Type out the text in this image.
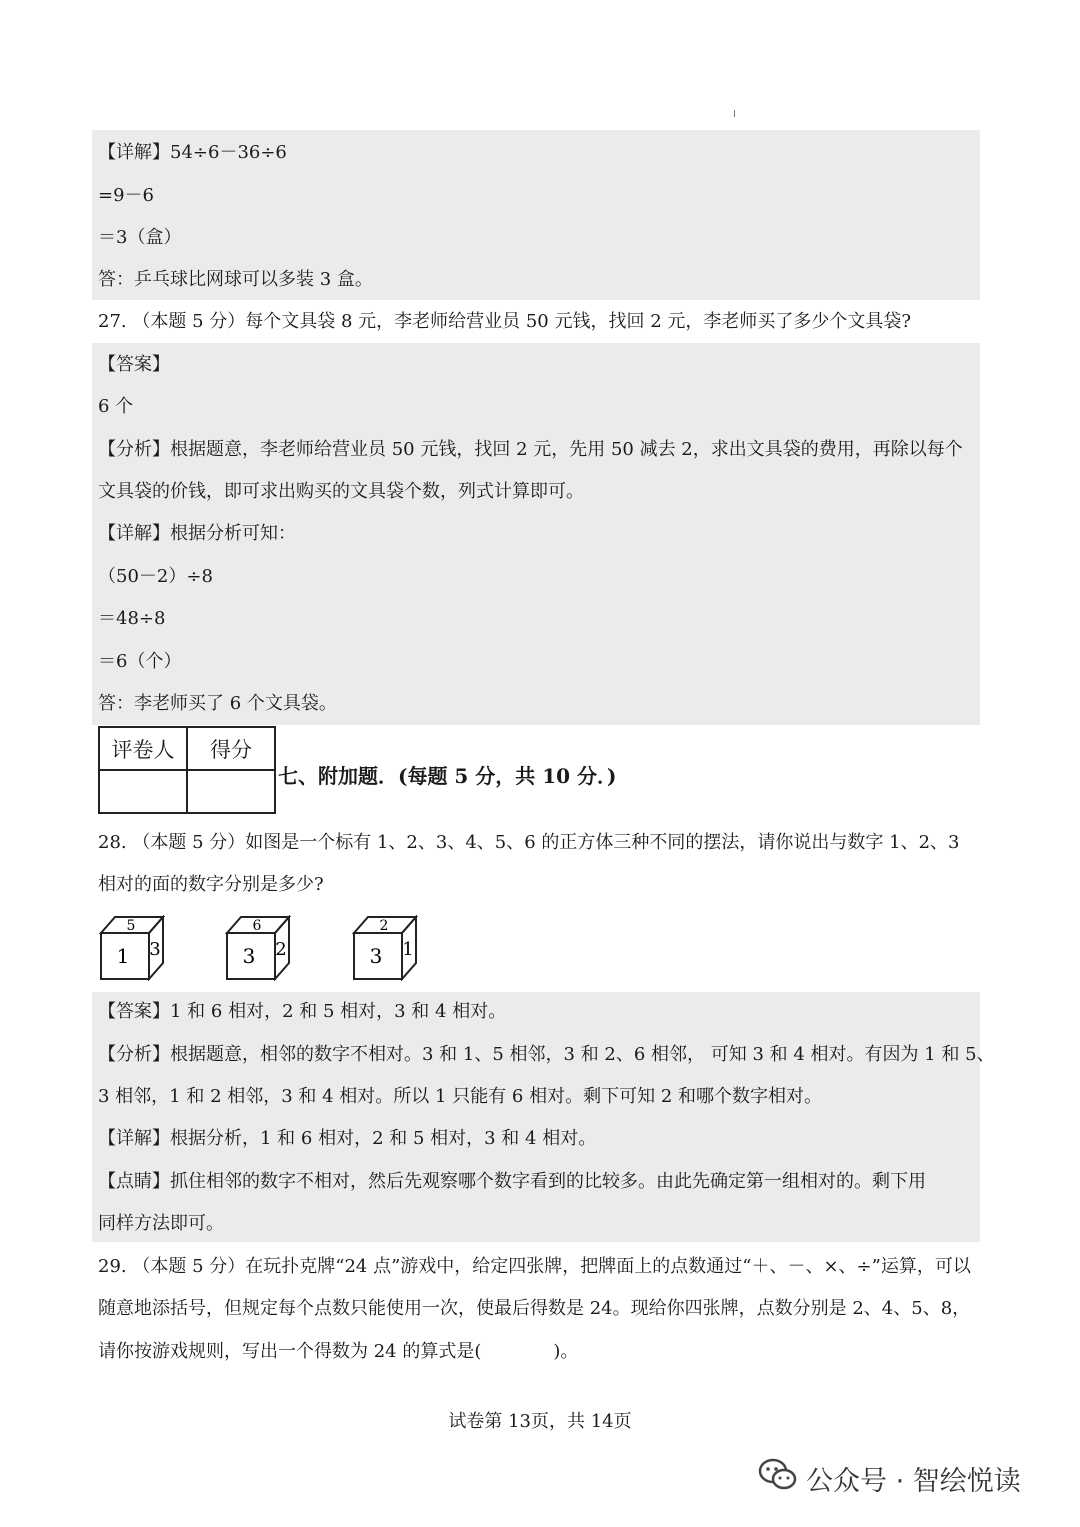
【详解】54÷6－36÷6
=9－6
＝3（盒）
答：乒乓球比网球可以多装 3 盒。
27. （本题 5 分）每个文具袋 8 元，李老师给营业员 50 元钱，找回 2 元，李老师买了多少个文具袋?
【答案】
6 个
【分析】根据题意，李老师给营业员 50 元钱，找回 2 元，先用 50 减去 2，求出文具袋的费用，再除以每个
文具袋的价钱，即可求出购买的文具袋个数，列式计算即可。
【详解】根据分析可知：
（50－2）÷8
＝48÷8
＝6（个）
答：李老师买了 6 个文具袋。
评卷人	得分

七、附加题．(每题 5 分，共 10 分．)
28. （本题 5 分）如图是一个标有 1、2、3、4、5、6 的正方体三种不同的摆法，请你说出与数字 1、2、3
相对的面的数字分别是多少?
5
1 3
6
3 2
2
3 1
【答案】1 和 6 相对，2 和 5 相对，3 和 4 相对。
【分析】根据题意，相邻的数字不相对。3 和 1、5 相邻，3 和 2、6 相邻， 可知 3 和 4 相对。有因为 1 和 5、
3 相邻，1 和 2 相邻，3 和 4 相对。所以 1 只能有 6 相对。剩下可知 2 和哪个数字相对。
【详解】根据分析，1 和 6 相对，2 和 5 相对，3 和 4 相对。
【点睛】抓住相邻的数字不相对，然后先观察哪个数字看到的比较多。由此先确定第一组相对的。剩下用
同样方法即可。
29. （本题 5 分）在玩扑克牌“24 点”游戏中，给定四张牌，把牌面上的点数通过“＋、－、×、÷”运算，可以
随意地添括号，但规定每个点数只能使用一次，使最后得数是 24。现给你四张牌，点数分别是 2、4、5、8，
请你按游戏规则，写出一个得数为 24 的算式是(　　　　)。
试卷第 13页，共 14页
公众号 · 智绘悦读
